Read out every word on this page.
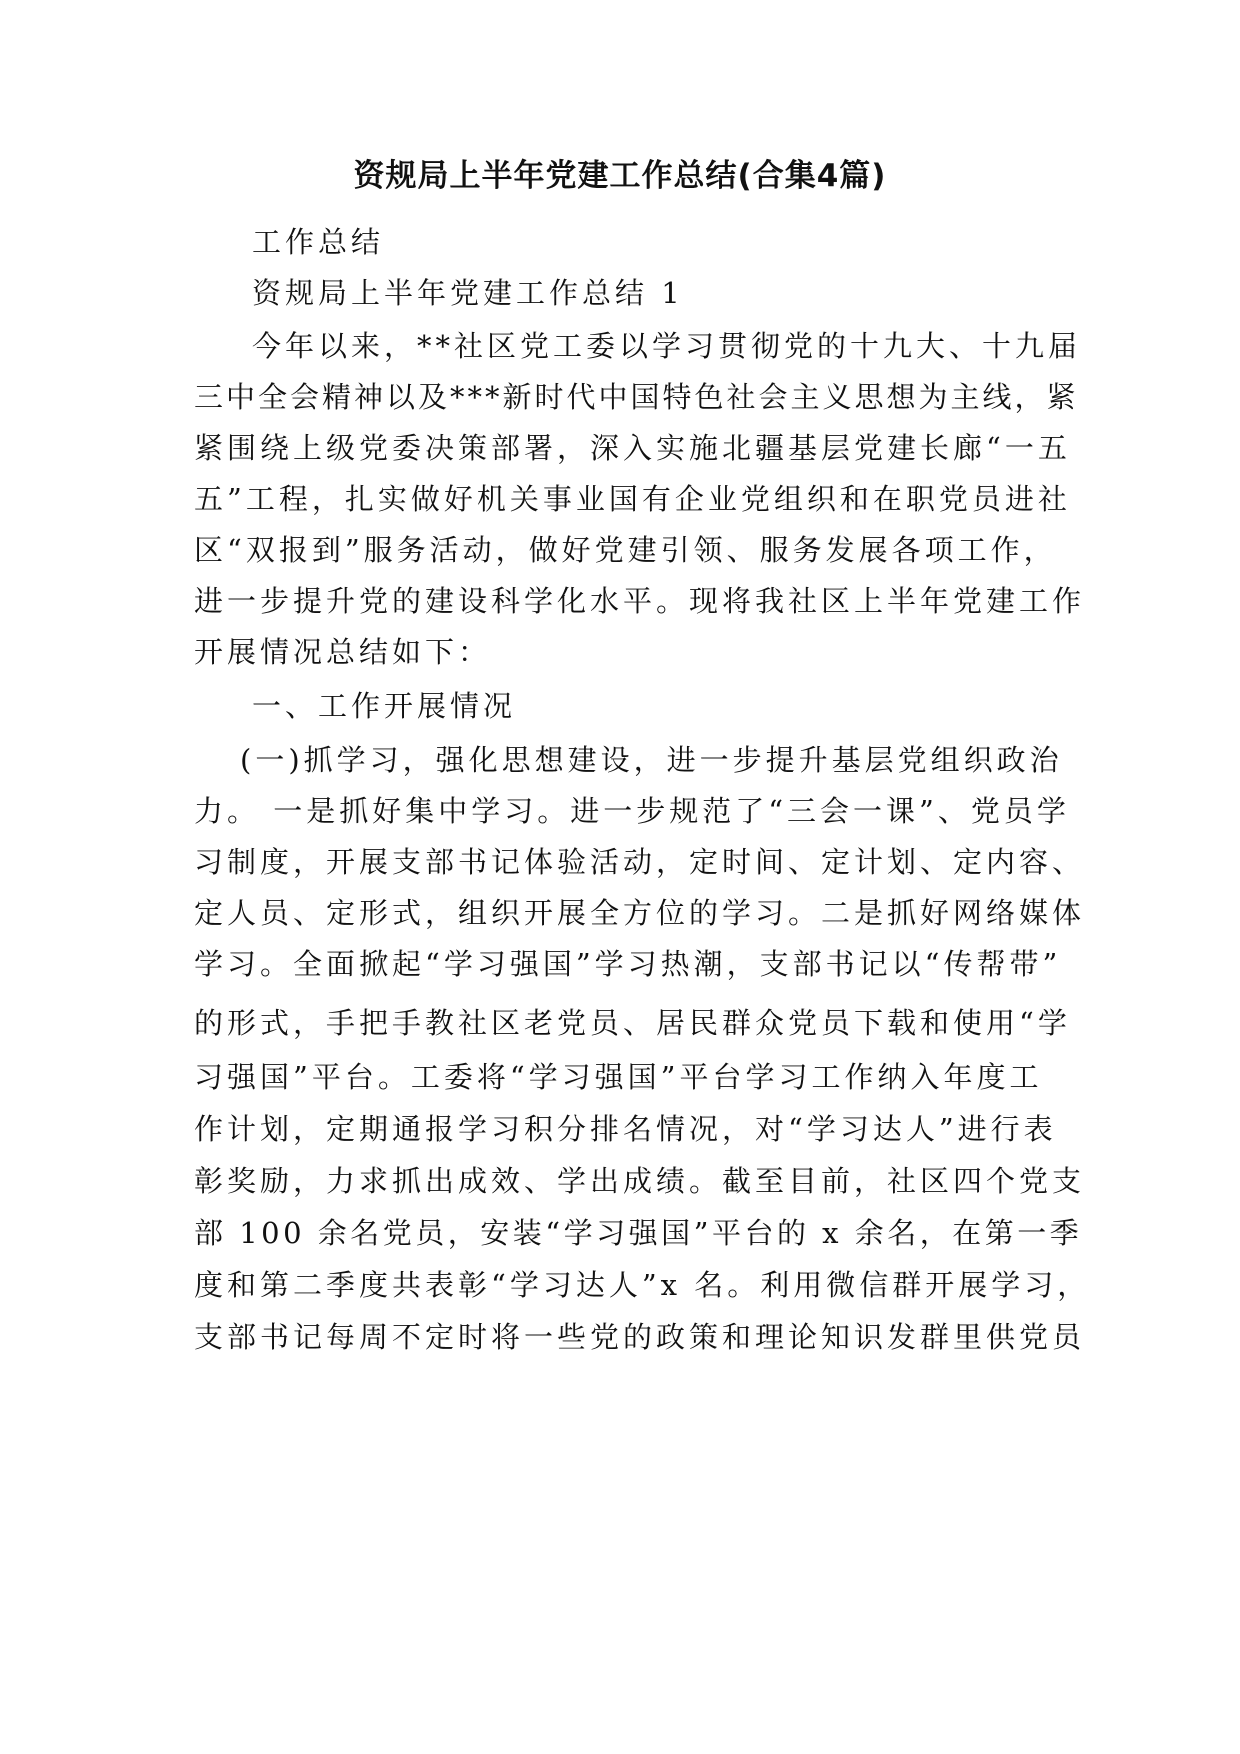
资规局上半年党建工作总结(合集4篇)

工作总结

资规局上半年党建工作总结 1

今年以来，**社区党工委以学习贯彻党的十九大、十九届

三中全会精神以及***新时代中国特色社会主义思想为主线，紧

紧围绕上级党委决策部署，深入实施北疆基层党建长廊“一五

五”工程，扎实做好机关事业国有企业党组织和在职党员进社

区“双报到”服务活动，做好党建引领、服务发展各项工作，

进一步提升党的建设科学化水平。现将我社区上半年党建工作

开展情况总结如下：

一、工作开展情况

(一)抓学习，强化思想建设，进一步提升基层党组织政治

力。 一是抓好集中学习。进一步规范了“三会一课”、党员学

习制度，开展支部书记体验活动，定时间、定计划、定内容、

定人员、定形式，组织开展全方位的学习。二是抓好网络媒体

学习。全面掀起“学习强国”学习热潮，支部书记以“传帮带”

的形式，手把手教社区老党员、居民群众党员下载和使用“学

习强国”平台。工委将“学习强国”平台学习工作纳入年度工

作计划，定期通报学习积分排名情况，对“学习达人”进行表

彰奖励，力求抓出成效、学出成绩。截至目前，社区四个党支

部 100 余名党员，安装“学习强国”平台的 x 余名，在第一季

度和第二季度共表彰“学习达人”x 名。利用微信群开展学习，

支部书记每周不定时将一些党的政策和理论知识发群里供党员
